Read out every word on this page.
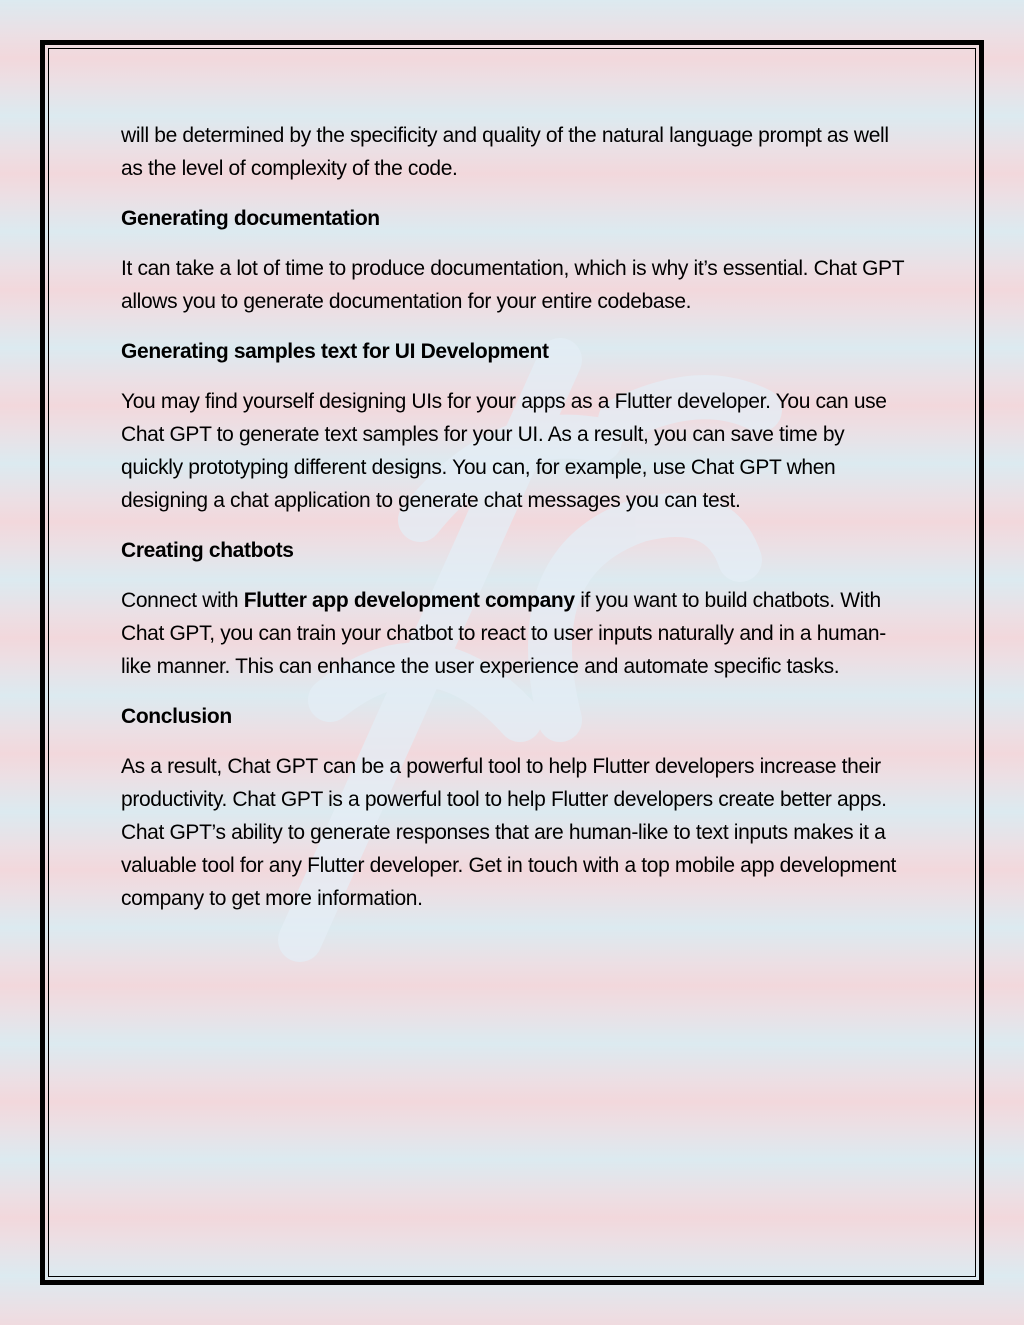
will be determined by the specificity and quality of the natural language prompt as well as the level of complexity of the code.

Generating documentation

It can take a lot of time to produce documentation, which is why it’s essential. Chat GPT allows you to generate documentation for your entire codebase.

Generating samples text for UI Development

You may find yourself designing UIs for your apps as a Flutter developer. You can use Chat GPT to generate text samples for your UI. As a result, you can save time by quickly prototyping different designs. You can, for example, use Chat GPT when designing a chat application to generate chat messages you can test.

Creating chatbots

Connect with Flutter app development company if you want to build chatbots. With Chat GPT, you can train your chatbot to react to user inputs naturally and in a human-like manner. This can enhance the user experience and automate specific tasks.

Conclusion

As a result, Chat GPT can be a powerful tool to help Flutter developers increase their productivity. Chat GPT is a powerful tool to help Flutter developers create better apps. Chat GPT’s ability to generate responses that are human-like to text inputs makes it a valuable tool for any Flutter developer. Get in touch with a top mobile app development company to get more information.
